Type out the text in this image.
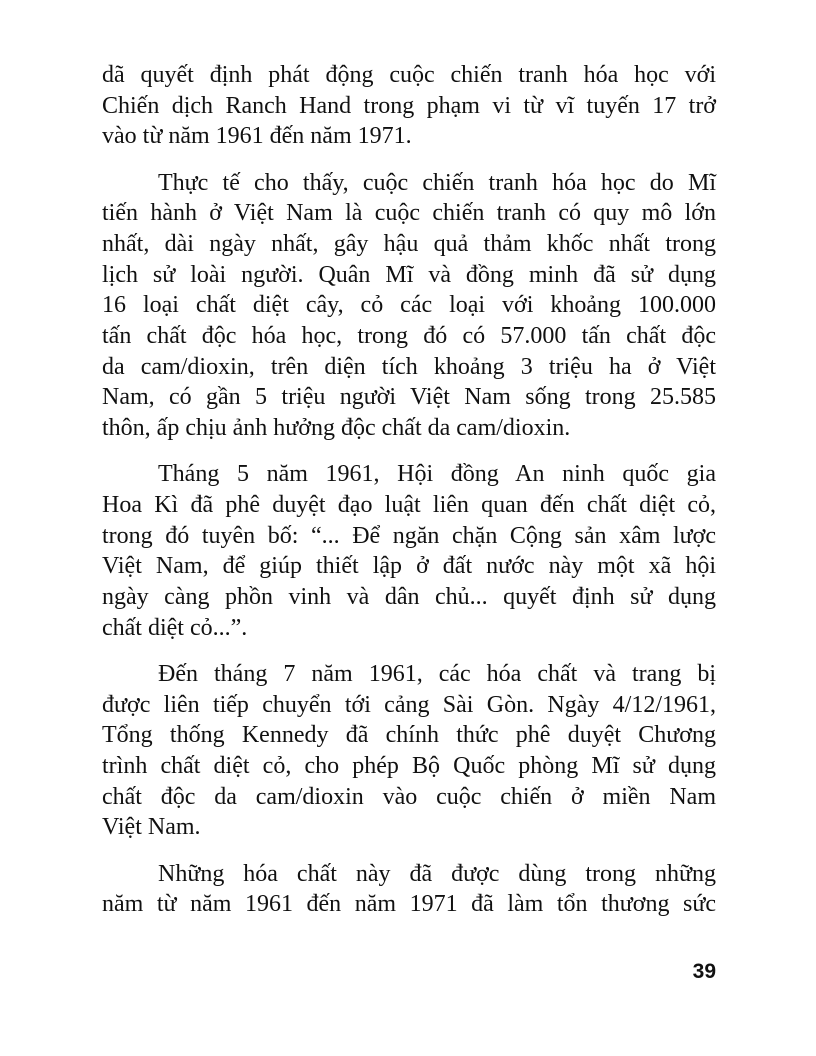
dã quyết định phát động cuộc chiến tranh hóa học với
Chiến dịch Ranch Hand trong phạm vi từ vĩ tuyến 17 trở
vào từ năm 1961 đến năm 1971.
Thực tế cho thấy, cuộc chiến tranh hóa học do Mĩ
tiến hành ở Việt Nam là cuộc chiến tranh có quy mô lớn
nhất, dài ngày nhất, gây hậu quả thảm khốc nhất trong
lịch sử loài người. Quân Mĩ và đồng minh đã sử dụng
16 loại chất diệt cây, cỏ các loại với khoảng 100.000
tấn chất độc hóa học, trong đó có 57.000 tấn chất độc
da cam/dioxin, trên diện tích khoảng 3 triệu ha ở Việt
Nam, có gần 5 triệu người Việt Nam sống trong 25.585
thôn, ấp chịu ảnh hưởng độc chất da cam/dioxin.
Tháng 5 năm 1961, Hội đồng An ninh quốc gia
Hoa Kì đã phê duyệt đạo luật liên quan đến chất diệt cỏ,
trong đó tuyên bố: “... Để ngăn chặn Cộng sản xâm lược
Việt Nam, để giúp thiết lập ở đất nước này một xã hội
ngày càng phồn vinh và dân chủ... quyết định sử dụng
chất diệt cỏ...”.
Đến tháng 7 năm 1961, các hóa chất và trang bị
được liên tiếp chuyển tới cảng Sài Gòn. Ngày 4/12/1961,
Tổng thống Kennedy đã chính thức phê duyệt Chương
trình chất diệt cỏ, cho phép Bộ Quốc phòng Mĩ sử dụng
chất độc da cam/dioxin vào cuộc chiến ở miền Nam
Việt Nam.
Những hóa chất này đã được dùng trong những
năm từ năm 1961 đến năm 1971 đã làm tổn thương sức
39
